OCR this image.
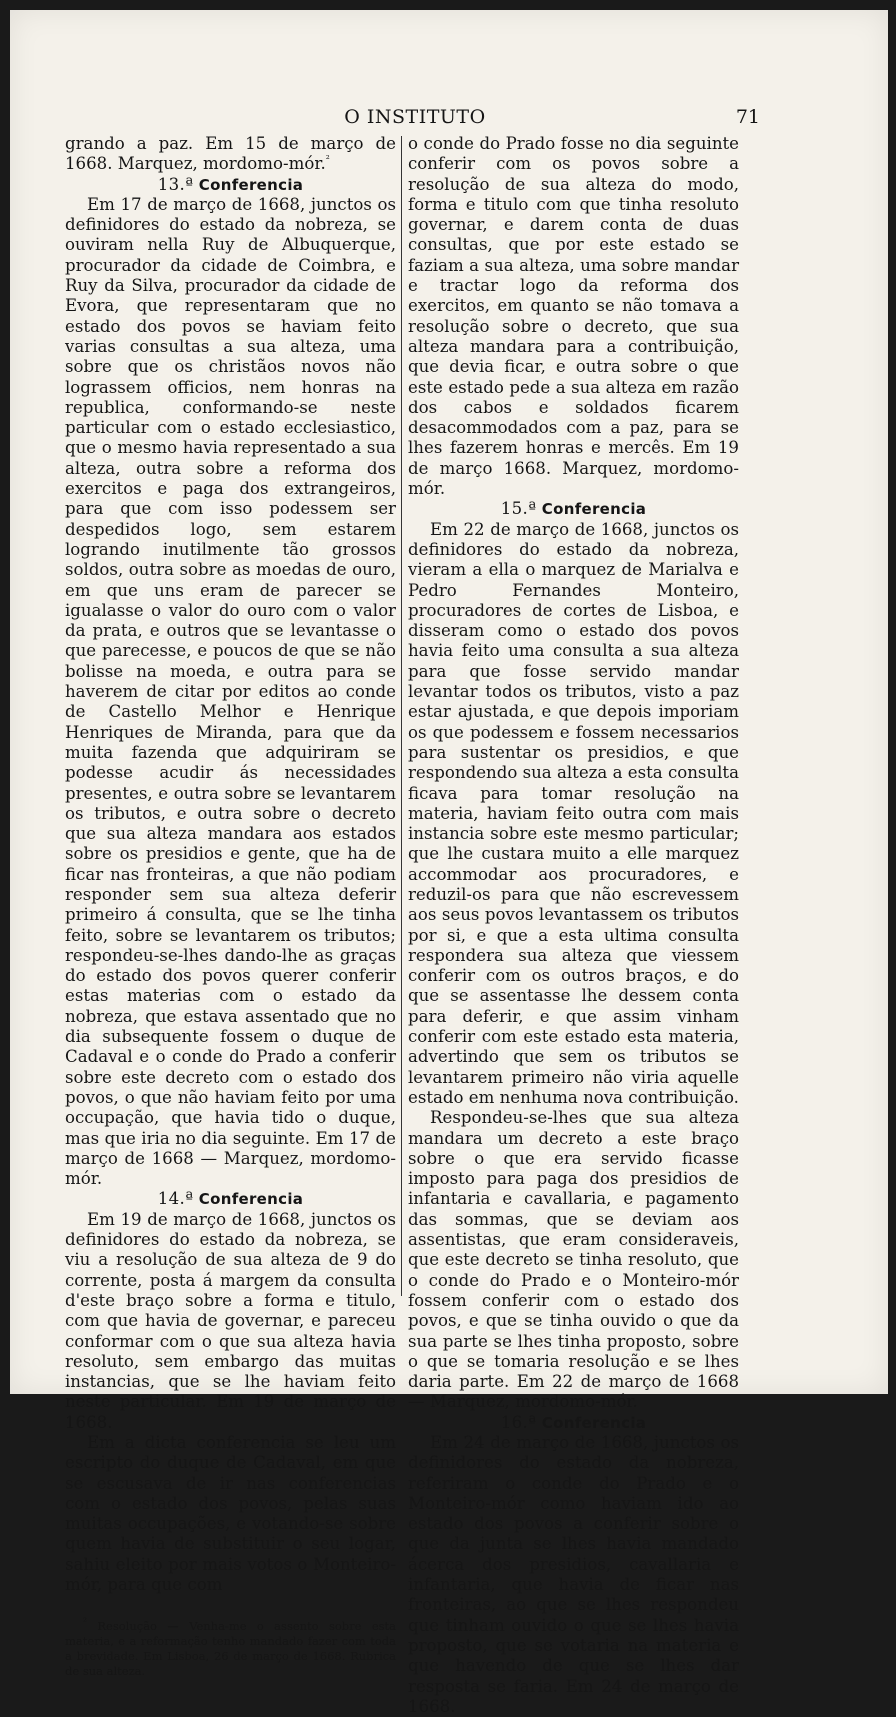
O INSTITUTO	71

grando a paz. Em 15 de março de 1668. Marquez, mordomo-mór.$^{^2}$

13.ª Conferencia

Em 17 de março de 1668, junctos os definidores do estado da nobreza, se ouviram nella Ruy de Albuquerque, procurador da cidade de Coimbra, e Ruy da Silva, procurador da cidade de Evora, que representaram que no estado dos povos se haviam feito varias consultas a sua alteza, uma sobre que os christãos novos não lograssem officios, nem honras na republica, conformando-se neste particular com o estado ecclesiastico, que o mesmo havia representado a sua alteza, outra sobre a reforma dos exercitos e paga dos extrangeiros, para que com isso podessem ser despedidos logo, sem estarem logrando inutilmente tão grossos soldos, outra sobre as moedas de ouro, em que uns eram de parecer se igualasse o valor do ouro com o valor da prata, e outros que se levantasse o que parecesse, e poucos de que se não bolisse na moeda, e outra para se haverem de citar por editos ao conde de Castello Melhor e Henrique Henriques de Miranda, para que da muita fazenda que adquiriram se podesse acudir ás necessidades presentes, e outra sobre se levantarem os tributos, e outra sobre o decreto que sua alteza mandara aos estados sobre os presidios e gente, que ha de ficar nas fronteiras, a que não podiam responder sem sua alteza deferir primeiro á consulta, que se lhe tinha feito, sobre se levantarem os tributos; respondeu-se-lhes dando-lhe as graças do estado dos povos querer conferir estas materias com o estado da nobreza, que estava assentado que no dia subsequente fossem o duque de Cadaval e o conde do Prado a conferir sobre este decreto com o estado dos povos, o que não haviam feito por uma occupação, que havia tido o duque, mas que iria no dia seguinte. Em 17 de março de 1668 — Marquez, mordomo-mór.

14.ª Conferencia

Em 19 de março de 1668, junctos os definidores do estado da nobreza, se viu a resolução de sua alteza de 9 do corrente, posta á margem da consulta d'este braço sobre a forma e titulo, com que havia de governar, e pareceu conformar com o que sua alteza havia resoluto, sem embargo das muitas instancias, que se lhe haviam feito neste particular. Em 19 de março de 1668.

Em a dicta conferencia se leu um escripto do duque de Cadaval, em que se escusava de ir nas conferencias com o estado dos povos, pelas suas muitas occupações, e votando-se sobre quem havia de substituir o seu logar, sahiu eleito por mais votos o Monteiro-mór, para que com

$^{^2}$ Resolução — Venha-me o assento sobre esta materia, e a reformação tenho mandado fazer com toda a brevidade. Em Lisboa, 26 de março de 1668. Rubrica de sua alteza.

o conde do Prado fosse no dia seguinte conferir com os povos sobre a resolução de sua alteza do modo, forma e titulo com que tinha resoluto governar, e darem conta de duas consultas, que por este estado se faziam a sua alteza, uma sobre mandar e tractar logo da reforma dos exercitos, em quanto se não tomava a resolução sobre o decreto, que sua alteza mandara para a contribuição, que devia ficar, e outra sobre o que este estado pede a sua alteza em razão dos cabos e soldados ficarem desacommodados com a paz, para se lhes fazerem honras e mercês. Em 19 de março 1668. Marquez, mordomo-mór.

15.ª Conferencia

Em 22 de março de 1668, junctos os definidores do estado da nobreza, vieram a ella o marquez de Marialva e Pedro Fernandes Monteiro, procuradores de cortes de Lisboa, e disseram como o estado dos povos havia feito uma consulta a sua alteza para que fosse servido mandar levantar todos os tributos, visto a paz estar ajustada, e que depois imporiam os que podessem e fossem necessarios para sustentar os presidios, e que respondendo sua alteza a esta consulta ficava para tomar resolução na materia, haviam feito outra com mais instancia sobre este mesmo particular; que lhe custara muito a elle marquez accommodar aos procuradores, e reduzil-os para que não escrevessem aos seus povos levantassem os tributos por si, e que a esta ultima consulta respondera sua alteza que viessem conferir com os outros braços, e do que se assentasse lhe dessem conta para deferir, e que assim vinham conferir com este estado esta materia, advertindo que sem os tributos se levantarem primeiro não viria aquelle estado em nenhuma nova contribuição.

Respondeu-se-lhes que sua alteza mandara um decreto a este braço sobre o que era servido ficasse imposto para paga dos presidios de infantaria e cavallaria, e pagamento das sommas, que se deviam aos assentistas, que eram consideraveis, que este decreto se tinha resoluto, que o conde do Prado e o Monteiro-mór fossem conferir com o estado dos povos, e que se tinha ouvido o que da sua parte se lhes tinha proposto, sobre o que se tomaria resolução e se lhes daria parte. Em 22 de março de 1668 — Marquez, mordomo-mór.

16.ª Conferencia

Em 24 de março de 1668, junctos os definidores do estado da nobreza, referiram o conde do Prado e o Monteiro-mór como haviam ido ao estado dos povos a conferir sobre o que da junta se lhes havia mandado ácerca dos presidios, cavallaria e infantaria, que havia de ficar nas fronteiras, ao que se lhes respondeu que tinham ouvido o que se lhes havia proposto, que se votaria na materia e que havendo de que se lhes dar resposta se faria. Em 24 de março de 1668.
